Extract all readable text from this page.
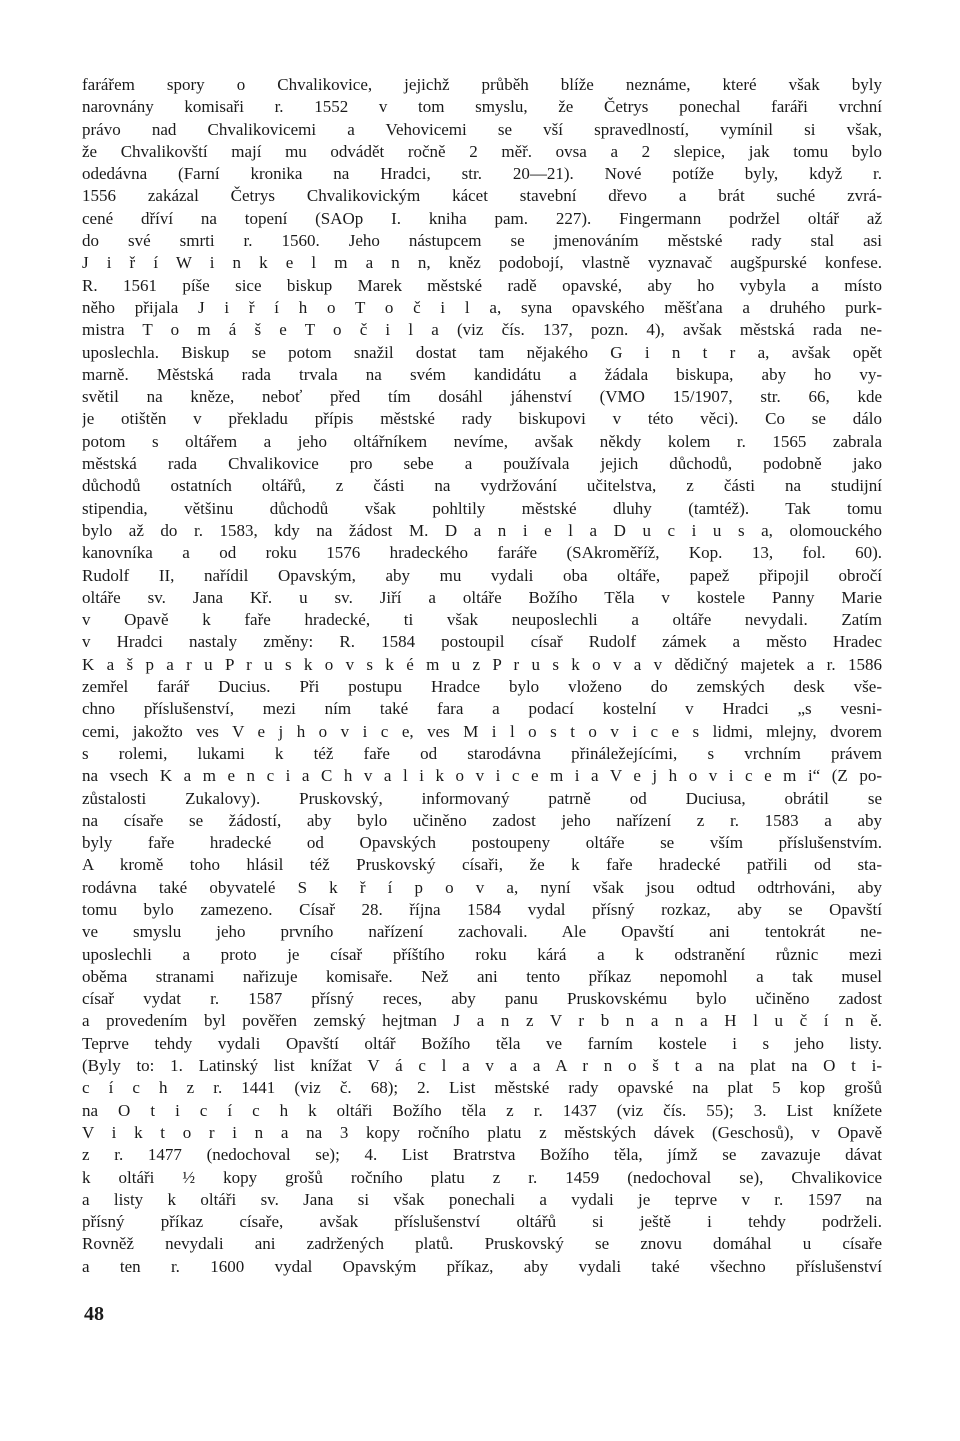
farářem spory o Chvalikovice, jejichž průběh blíže neznáme, které však byly
narovnány komisaři r. 1552 v tom smyslu, že Četrys ponechal faráři vrchní
právo nad Chvalikovicemi a Vehovicemi se vší spravedlností, vymínil si však,
že Chvalikovští mají mu odvádět ročně 2 měř. ovsa a 2 slepice, jak tomu bylo
odedávna (Farní kronika na Hradci, str. 20—21). Nové potíže byly, když r.
1556 zakázal Četrys Chvalikovickým kácet stavební dřevo a brát suché zvrá-
cené dříví na topení (SAOp I. kniha pam. 227). Fingermann podržel oltář až
do své smrti r. 1560. Jeho nástupcem se jmenováním městské rady stal asi
J i ř í W i n k e l m a n n, kněz podobojí, vlastně vyznavač augšpurské konfese.
R. 1561 píše sice biskup Marek městské radě opavské, aby ho vybyla a místo
něho přijala J i ř í h o T o č i l a, syna opavského měšťana a druhého purk-
mistra T o m á š e T o č i l a (viz čís. 137, pozn. 4), avšak městská rada ne-
uposlechla. Biskup se potom snažil dostat tam nějakého G i n t r a, avšak opět
marně. Městská rada trvala na svém kandidátu a žádala biskupa, aby ho vy-
světil na kněze, neboť před tím dosáhl jáhenství (VMO 15/1907, str. 66, kde
je otištěn v překladu přípis městské rady biskupovi v této věci). Co se dálo
potom s oltářem a jeho oltářníkem nevíme, avšak někdy kolem r. 1565 zabrala
městská rada Chvalikovice pro sebe a používala jejich důchodů, podobně jako
důchodů ostatních oltářů, z části na vydržování učitelstva, z části na studijní
stipendia, většinu důchodů však pohltily městské dluhy (tamtéž). Tak tomu
bylo až do r. 1583, kdy na žádost M. D a n i e l a D u c i u s a, olomouckého
kanovníka a od roku 1576 hradeckého faráře (SAkroměříž, Kop. 13, fol. 60).
Rudolf II, nařídil Opavským, aby mu vydali oba oltáře, papež připojil obročí
oltáře sv. Jana Kř. u sv. Jiří a oltáře Božího Těla v kostele Panny Marie
v Opavě k faře hradecké, ti však neuposlechli a oltáře nevydali. Zatím
v Hradci nastaly změny: R. 1584 postoupil císař Rudolf zámek a město Hradec
K a š p a r u P r u s k o v s k é m u z P r u s k o v a v dědičný majetek a r. 1586
zemřel farář Ducius. Při postupu Hradce bylo vloženo do zemských desk vše-
chno příslušenství, mezi ním také fara a podací kostelní v Hradci „s vesni-
cemi, jakožto ves V e j h o v i c e, ves M i l o s t o v i c e s lidmi, mlejny, dvorem
s rolemi, lukami k též faře od starodávna přináležejícími, s vrchním právem
na vsech K a m e n c i a C h v a l i k o v i c e m i a V e j h o v i c e m i“ (Z po-
zůstalosti Zukalovy). Pruskovský, informovaný patrně od Duciusa, obrátil se
na císaře se žádostí, aby bylo učiněno zadost jeho nařízení z r. 1583 a aby
byly faře hradecké od Opavských postoupeny oltáře se vším příslušenstvím.
A kromě toho hlásil též Pruskovský císaři, že k faře hradecké patřili od sta-
rodávna také obyvatelé S k ř í p o v a, nyní však jsou odtud odtrhováni, aby
tomu bylo zamezeno. Císař 28. října 1584 vydal přísný rozkaz, aby se Opavští
ve smyslu jeho prvního nařízení zachovali. Ale Opavští ani tentokrát ne-
uposlechli a proto je císař příštího roku kárá a k odstranění různic mezi
oběma stranami nařizuje komisaře. Než ani tento příkaz nepomohl a tak musel
císař vydat r. 1587 přísný reces, aby panu Pruskovskému bylo učiněno zadost
a provedením byl pověřen zemský hejtman J a n z V r b n a n a H l u č í n ě.
Teprve tehdy vydali Opavští oltář Božího těla ve farním kostele i s jeho listy.
(Byly to: 1. Latinský list knížat V á c l a v a a A r n o š t a na plat na O t i-
c í c h z r. 1441 (viz č. 68); 2. List městské rady opavské na plat 5 kop grošů
na O t i c í c h k oltáři Božího těla z r. 1437 (viz čís. 55); 3. List knížete
V i k t o r i n a na 3 kopy ročního platu z městských dávek (Geschosů), v Opavě
z r. 1477 (nedochoval se); 4. List Bratrstva Božího těla, jímž se zavazuje dávat
k oltáři ½ kopy grošů ročního platu z r. 1459 (nedochoval se), Chvalikovice
a listy k oltáři sv. Jana si však ponechali a vydali je teprve v r. 1597 na
přísný příkaz císaře, avšak příslušenství oltářů si ještě i tehdy podrželi.
Rovněž nevydali ani zadržených platů. Pruskovský se znovu domáhal u císaře
a ten r. 1600 vydal Opavským příkaz, aby vydali také všechno příslušenství
48
